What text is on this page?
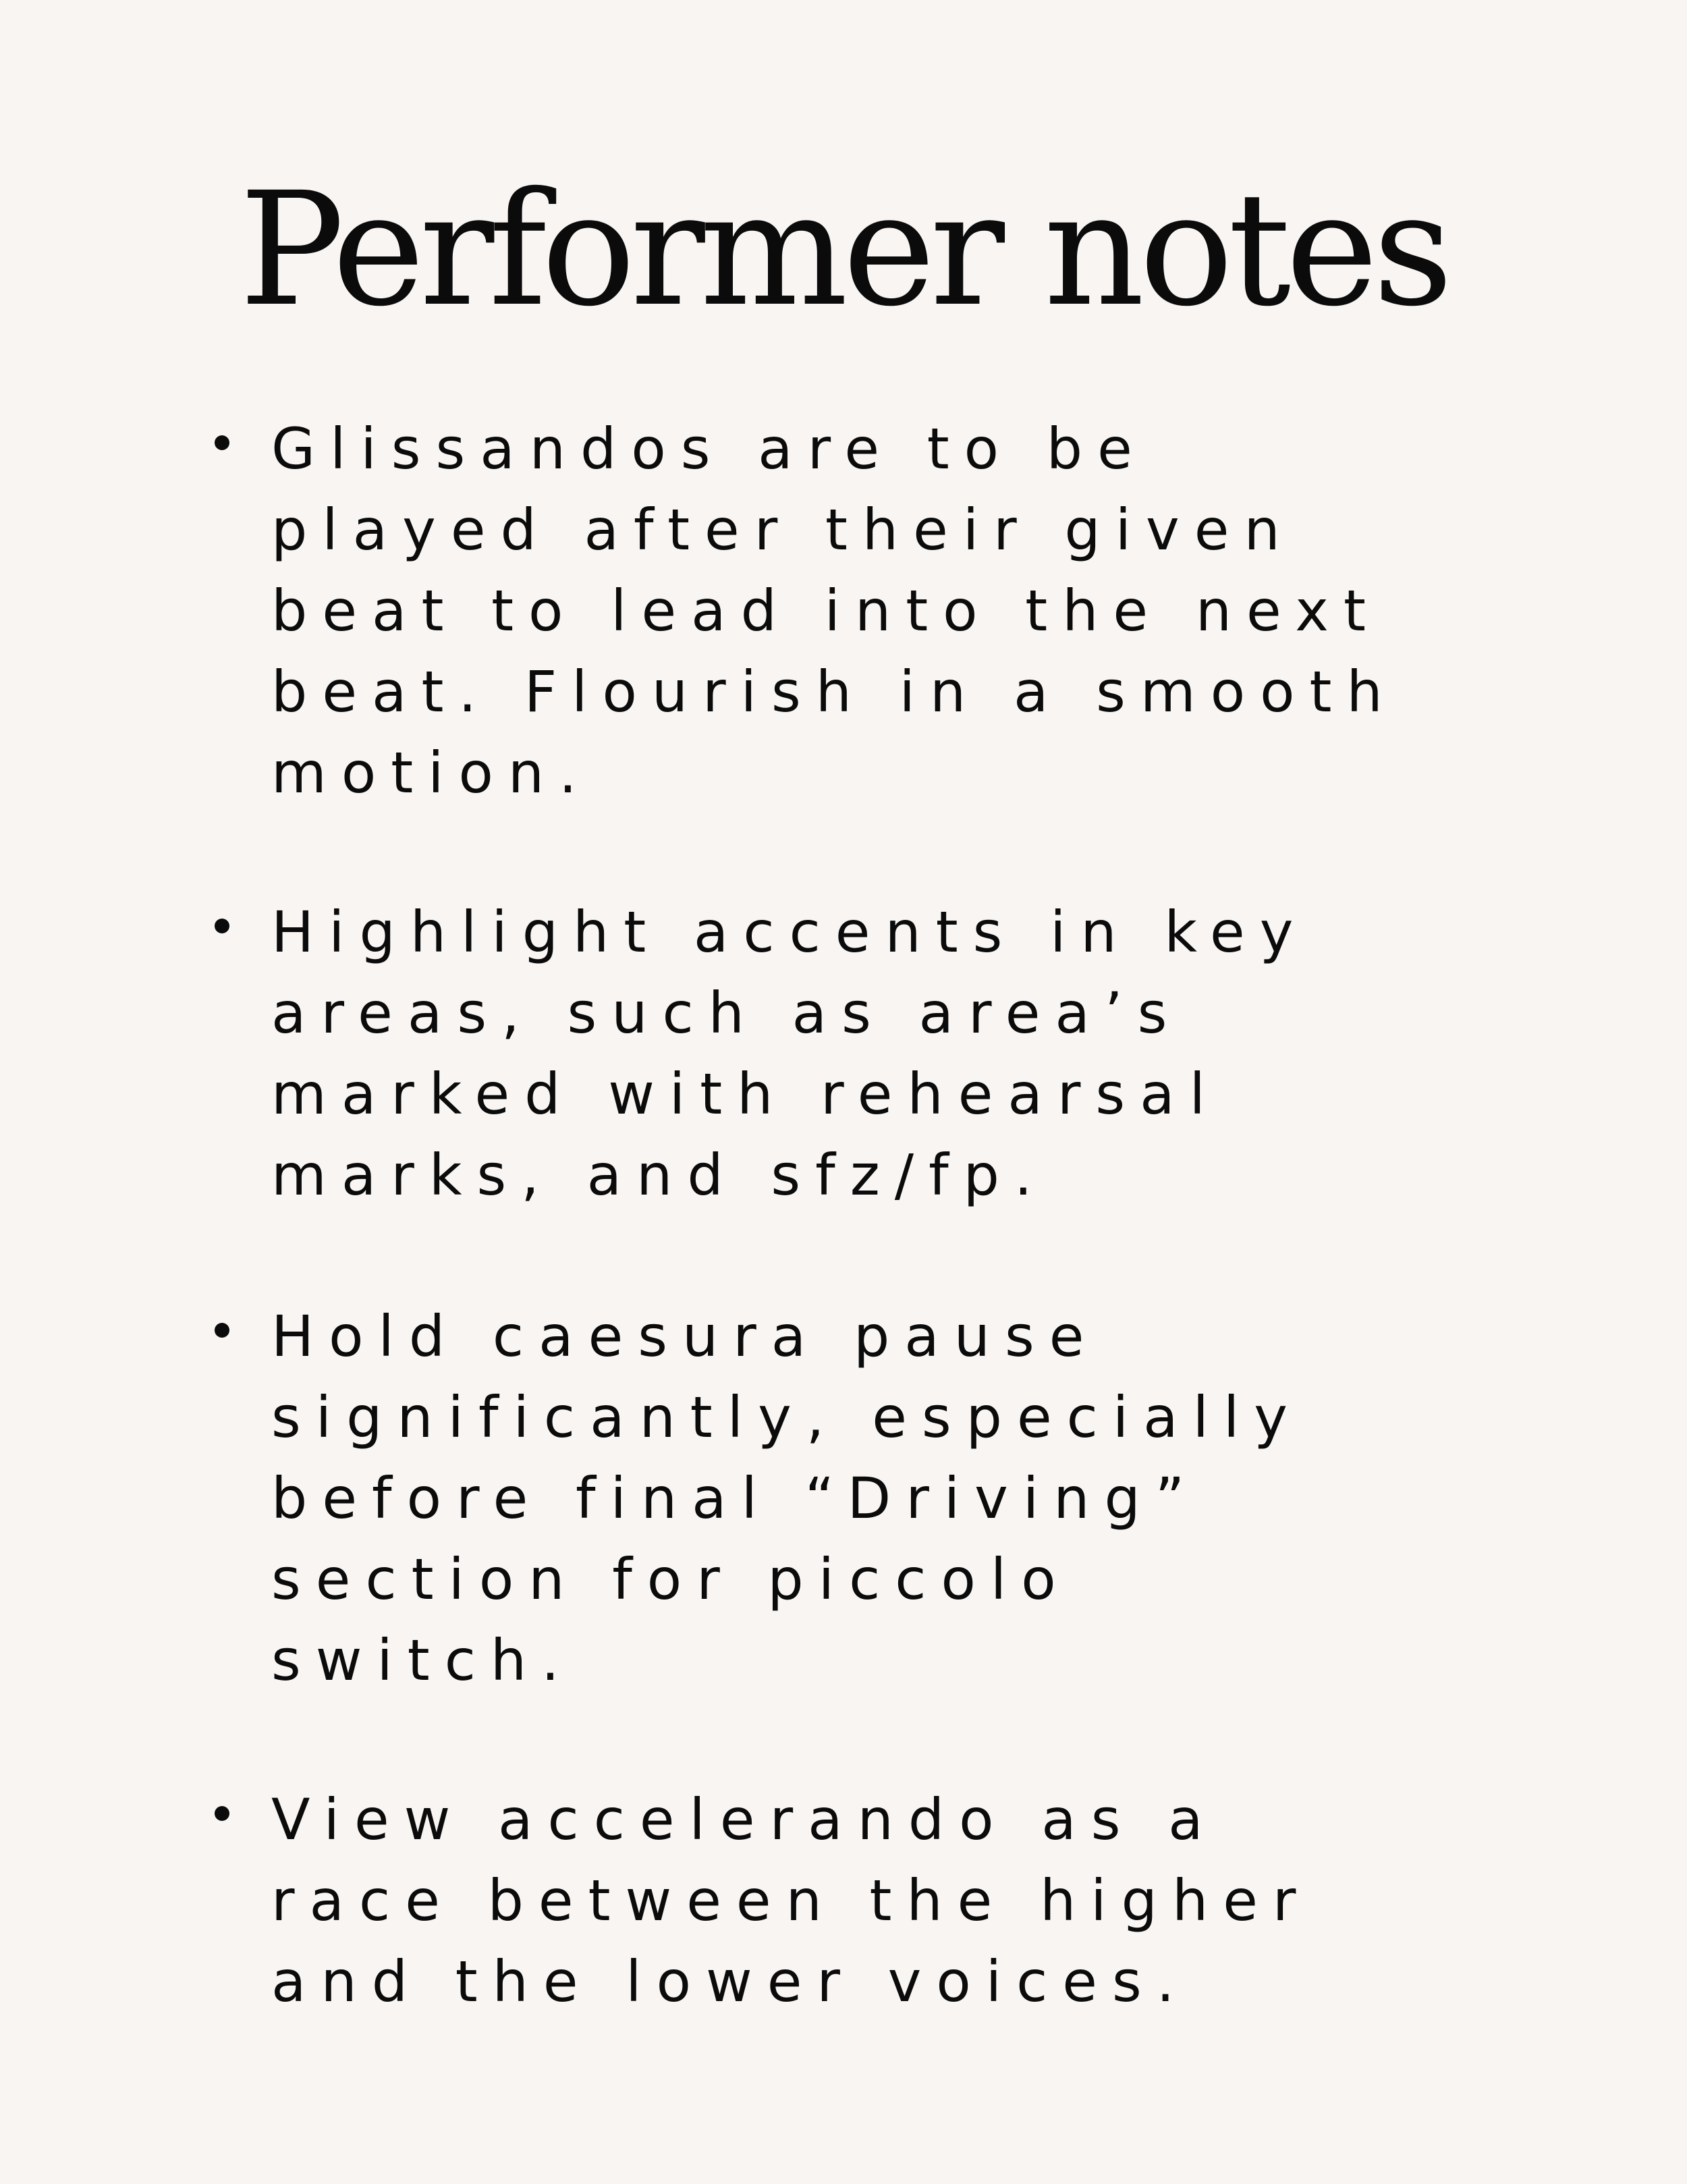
Performer notes
Glissandos are to be
played after their given
beat to lead into the next
beat. Flourish in a smooth
motion.
Highlight accents in key
areas, such as area’s
marked with rehearsal
marks, and sfz/fp.
Hold caesura pause
significantly, especially
before final “Driving”
section for piccolo
switch.
View accelerando as a
race between the higher
and the lower voices.
